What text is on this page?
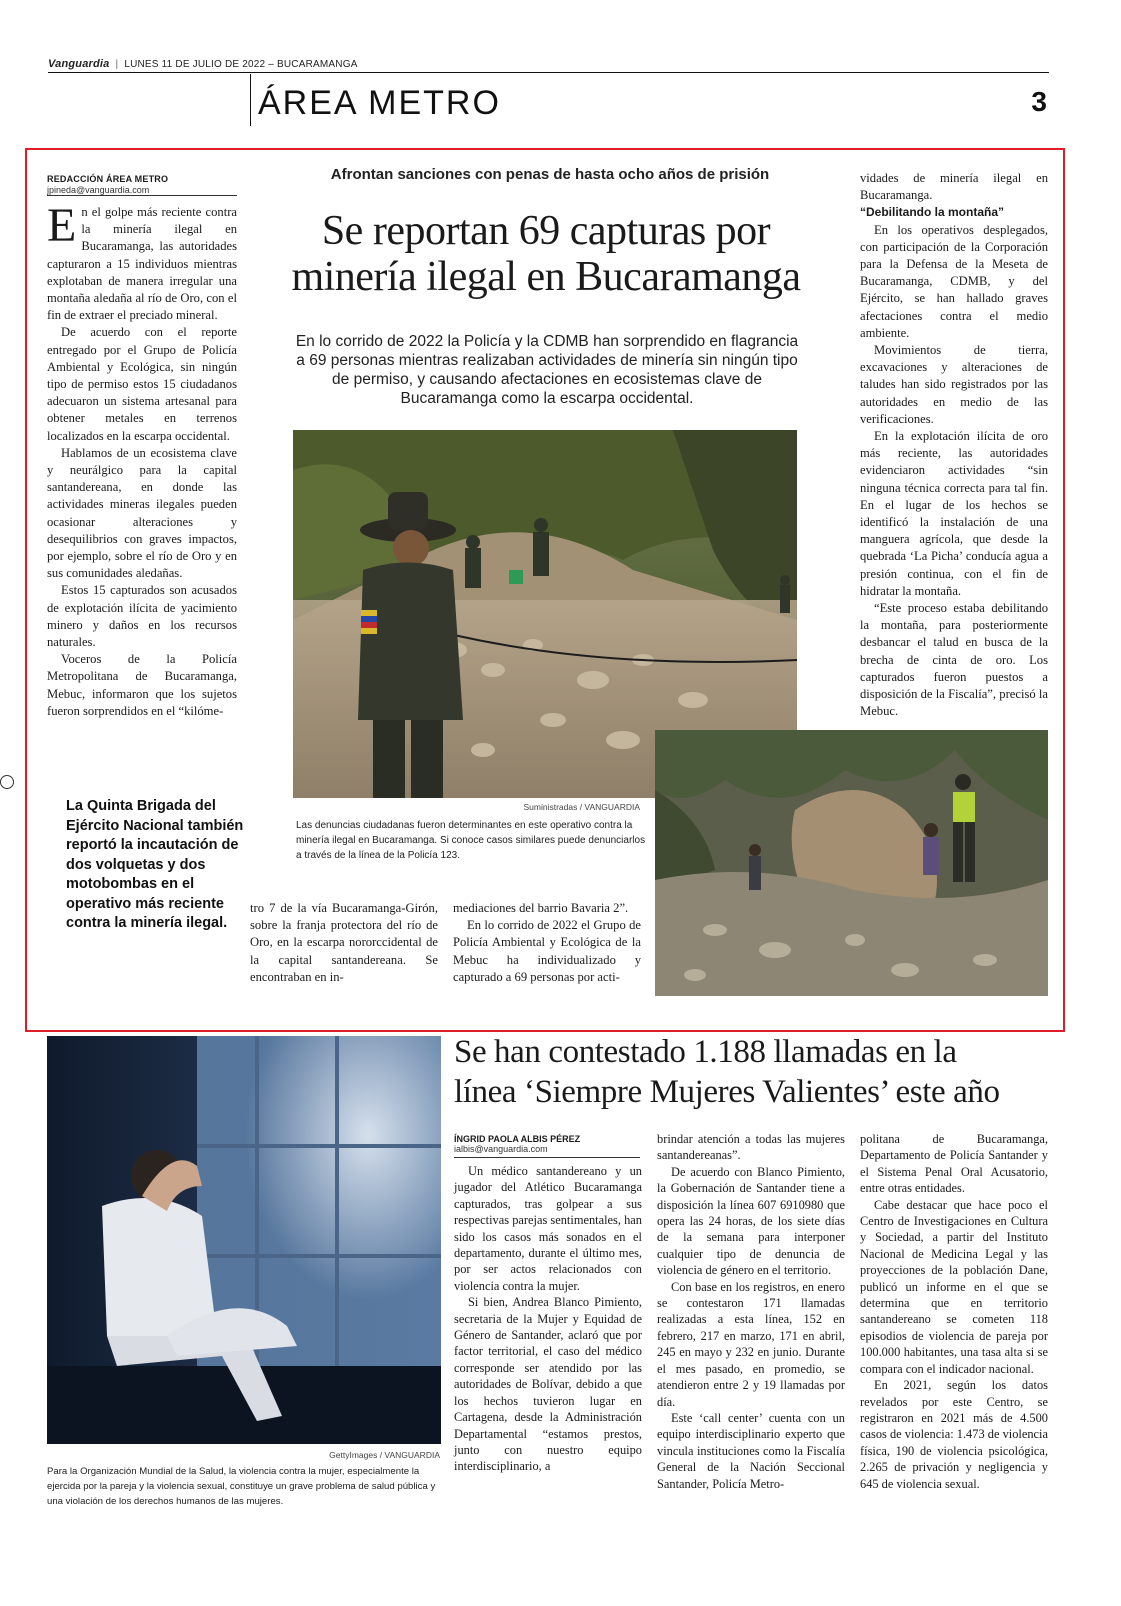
Vanguardia | LUNES 11 DE JULIO DE 2022 – BUCARAMANGA
ÁREA METRO	3
REDACCIÓN ÁREA METRO
jpineda@vanguardia.com

En el golpe más reciente contra la minería ilegal en Bucaramanga, las autoridades capturaron a 15 individuos mientras explotaban de manera irregular una montaña aledaña al río de Oro, con el fin de extraer el preciado mineral.

De acuerdo con el reporte entregado por el Grupo de Policía Ambiental y Ecológica, sin ningún tipo de permiso estos 15 ciudadanos adecuaron un sistema artesanal para obtener metales en terrenos localizados en la escarpa occidental.

Hablamos de un ecosistema clave y neurálgico para la capital santandereana, en donde las actividades mineras ilegales pueden ocasionar alteraciones y desequilibrios con graves impactos, por ejemplo, sobre el río de Oro y en sus comunidades aledañas.

Estos 15 capturados son acusados de explotación ilícita de yacimiento minero y daños en los recursos naturales.

Voceros de la Policía Metropolitana de Bucaramanga, Mebuc, informaron que los sujetos fueron sorprendidos en el “kilóme-

Afrontan sanciones con penas de hasta ocho años de prisión
Se reportan 69 capturas por
minería ilegal en Bucaramanga
En lo corrido de 2022 la Policía y la CDMB han sorprendido en flagrancia a 69 personas mientras realizaban actividades de minería sin ningún tipo de permiso, y causando afectaciones en ecosistemas clave de Bucaramanga como la escarpa occidental.
Suministradas / VANGUARDIA
Las denuncias ciudadanas fueron determinantes en este operativo contra la minería ilegal en Bucaramanga. Si conoce casos similares puede denunciarlos a través de la línea de la Policía 123.
La Quinta Brigada del Ejército Nacional también reportó la incautación de dos volquetas y dos motobombas en el operativo más reciente contra la minería ilegal.

tro 7 de la vía Bucaramanga-Girón, sobre la franja protectora del río de Oro, en la escarpa nororccidental de la capital santandereana. Se encontraban en in-

mediaciones del barrio Bavaria 2”.

En lo corrido de 2022 el Grupo de Policía Ambiental y Ecológica de la Mebuc ha individualizado y capturado a 69 personas por acti-

vidades de minería ilegal en Bucaramanga.

“Debilitando la montaña”

En los operativos desplegados, con participación de la Corporación para la Defensa de la Meseta de Bucaramanga, CDMB, y del Ejército, se han hallado graves afectaciones contra el medio ambiente.

Movimientos de tierra, excavaciones y alteraciones de taludes han sido registrados por las autoridades en medio de las verificaciones.

En la explotación ilícita de oro más reciente, las autoridades evidenciaron actividades “sin ninguna técnica correcta para tal fin. En el lugar de los hechos se identificó la instalación de una manguera agrícola, que desde la quebrada ‘La Picha’ conducía agua a presión continua, con el fin de hidratar la montaña.

“Este proceso estaba debilitando la montaña, para posteriormente desbancar el talud en busca de la brecha de cinta de oro. Los capturados fueron puestos a disposición de la Fiscalía”, precisó la Mebuc.

GettyImages / VANGUARDIA
Para la Organización Mundial de la Salud, la violencia contra la mujer, especialmente la ejercida por la pareja y la violencia sexual, constituye un grave problema de salud pública y una violación de los derechos humanos de las mujeres.
Se han contestado 1.188 llamadas en la
línea ‘Siempre Mujeres Valientes’ este año
ÍNGRID PAOLA ALBIS PÉREZ
ialbis@vanguardia.com

Un médico santandereano y un jugador del Atlético Bucaramanga capturados, tras golpear a sus respectivas parejas sentimentales, han sido los casos más sonados en el departamento, durante el último mes, por ser actos relacionados con violencia contra la mujer.

Si bien, Andrea Blanco Pimiento, secretaria de la Mujer y Equidad de Género de Santander, aclaró que por factor territorial, el caso del médico corresponde ser atendido por las autoridades de Bolívar, debido a que los hechos tuvieron lugar en Cartagena, desde la Administración Departamental “estamos prestos, junto con nuestro equipo interdisciplinario, a

brindar atención a todas las mujeres santandereanas”.

De acuerdo con Blanco Pimiento, la Gobernación de Santander tiene a disposición la línea 607 6910980 que opera las 24 horas, de los siete días de la semana para interponer cualquier tipo de denuncia de violencia de género en el territorio.

Con base en los registros, en enero se contestaron 171 llamadas realizadas a esta línea, 152 en febrero, 217 en marzo, 171 en abril, 245 en mayo y 232 en junio. Durante el mes pasado, en promedio, se atendieron entre 2 y 19 llamadas por día.

Este ‘call center’ cuenta con un equipo interdisciplinario experto que vincula instituciones como la Fiscalía General de la Nación Seccional Santander, Policía Metro-

politana de Bucaramanga, Departamento de Policía Santander y el Sistema Penal Oral Acusatorio, entre otras entidades.

Cabe destacar que hace poco el Centro de Investigaciones en Cultura y Sociedad, a partir del Instituto Nacional de Medicina Legal y las proyecciones de la población Dane, publicó un informe en el que se determina que en territorio santandereano se cometen 118 episodios de violencia de pareja por 100.000 habitantes, una tasa alta si se compara con el indicador nacional.

En 2021, según los datos revelados por este Centro, se registraron en 2021 más de 4.500 casos de violencia: 1.473 de violencia física, 190 de violencia psicológica, 2.265 de privación y negligencia y 645 de violencia sexual.
